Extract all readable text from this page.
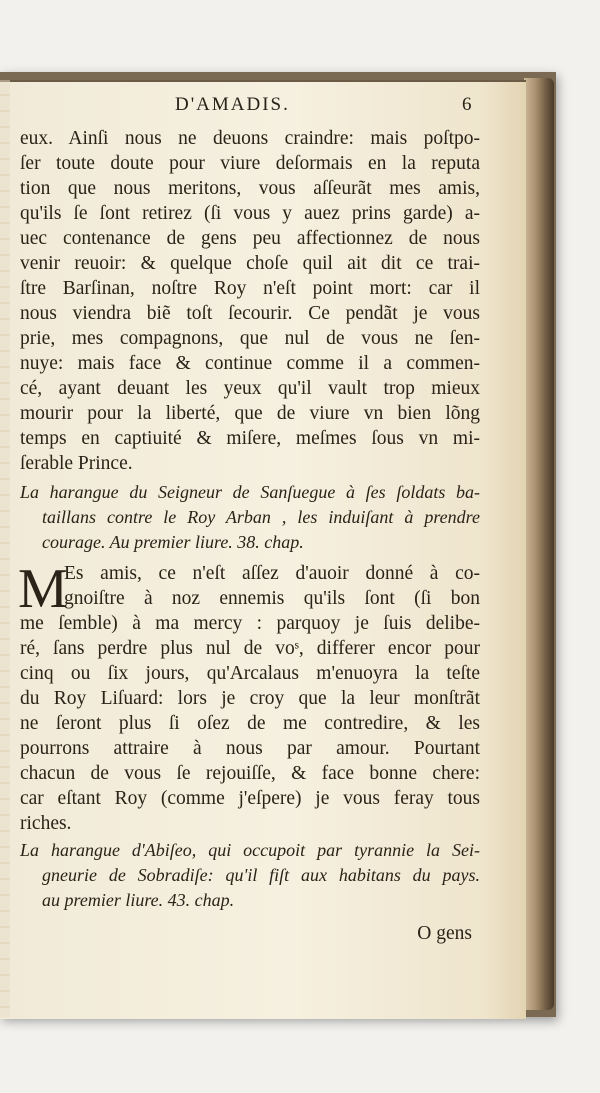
D'AMADIS.	6
eux. Ainſi nous ne deuons craindre: mais poſtpo-
ſer toute doute pour viure deſormais en la reputa
tion que nous meritons, vous aſſeurãt mes amis,
qu'ils ſe ſont retirez (ſi vous y auez prins garde) a-
uec contenance de gens peu affectionnez de nous
venir reuoir: & quelque choſe quil ait dit ce trai-
ſtre Barſinan, noſtre Roy n'eſt point mort: car il
nous viendra biẽ toſt ſecourir. Ce pendãt je vous
prie, mes compagnons, que nul de vous ne ſen-
nuye: mais face & continue comme il a commen-
cé, ayant deuant les yeux qu'il vault trop mieux
mourir pour la liberté, que de viure vn bien lõng
temps en captiuité & miſere, meſmes ſous vn mi-
ſerable Prince.
La harangue du Seigneur de Sanſuegue à ſes ſoldats ba-
taillans contre le Roy Arban , les induiſant à prendre
courage. Au premier liure. 38. chap.
M
Es amis, ce n'eſt aſſez d'auoir donné à co-
gnoiſtre à noz ennemis qu'ils ſont (ſi bon
me ſemble) à ma mercy : parquoy je ſuis delibe-
ré, ſans perdre plus nul de voˢ, differer encor pour
cinq ou ſix jours, qu'Arcalaus m'enuoyra la teſte
du Roy Liſuard: lors je croy que la leur monſtrãt
ne ſeront plus ſi oſez de me contredire, & les
pourrons attraire à nous par amour. Pourtant
chacun de vous ſe rejouiſſe, & face bonne chere:
car eſtant Roy (comme j'eſpere) je vous feray tous
riches.
La harangue d'Abiſeo, qui occupoit par tyrannie la Sei-
gneurie de Sobradiſe: qu'il fiſt aux habitans du pays.
au premier liure. 43. chap.
O gens
